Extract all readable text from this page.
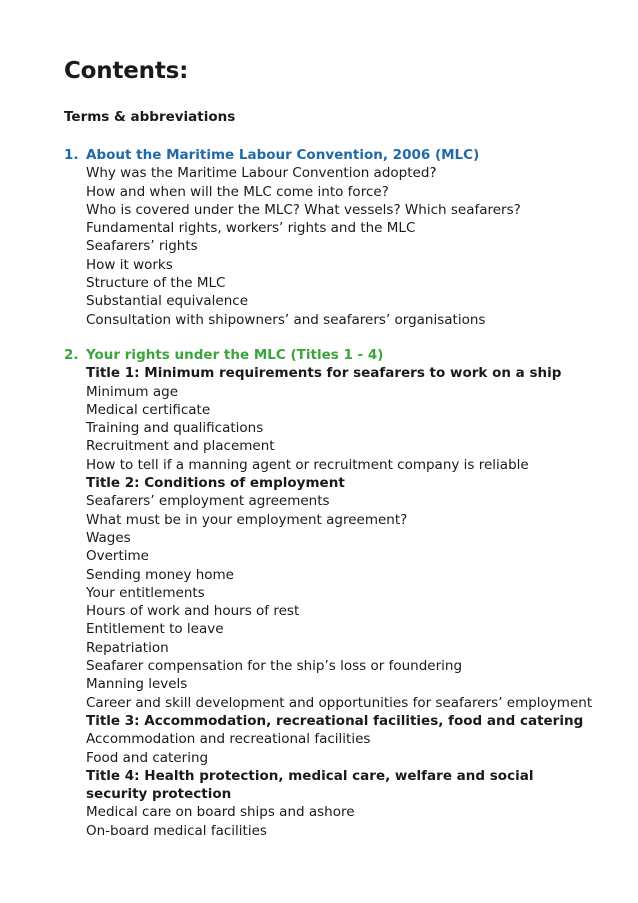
Contents:
Terms & abbreviations
1. About the Maritime Labour Convention, 2006 (MLC)
Why was the Maritime Labour Convention adopted?
How and when will the MLC come into force?
Who is covered under the MLC? What vessels? Which seafarers?
Fundamental rights, workers’ rights and the MLC
Seafarers’ rights
How it works
Structure of the MLC
Substantial equivalence
Consultation with shipowners’ and seafarers’ organisations
2. Your rights under the MLC (Titles 1 - 4)
Title 1: Minimum requirements for seafarers to work on a ship
Minimum age
Medical certificate
Training and qualifications
Recruitment and placement
How to tell if a manning agent or recruitment company is reliable
Title 2: Conditions of employment
Seafarers’ employment agreements
What must be in your employment agreement?
Wages
Overtime
Sending money home
Your entitlements
Hours of work and hours of rest
Entitlement to leave
Repatriation
Seafarer compensation for the ship’s loss or foundering
Manning levels
Career and skill development and opportunities for seafarers’ employment
Title 3: Accommodation, recreational facilities, food and catering
Accommodation and recreational facilities
Food and catering
Title 4: Health protection, medical care, welfare and social
security protection
Medical care on board ships and ashore
On-board medical facilities
